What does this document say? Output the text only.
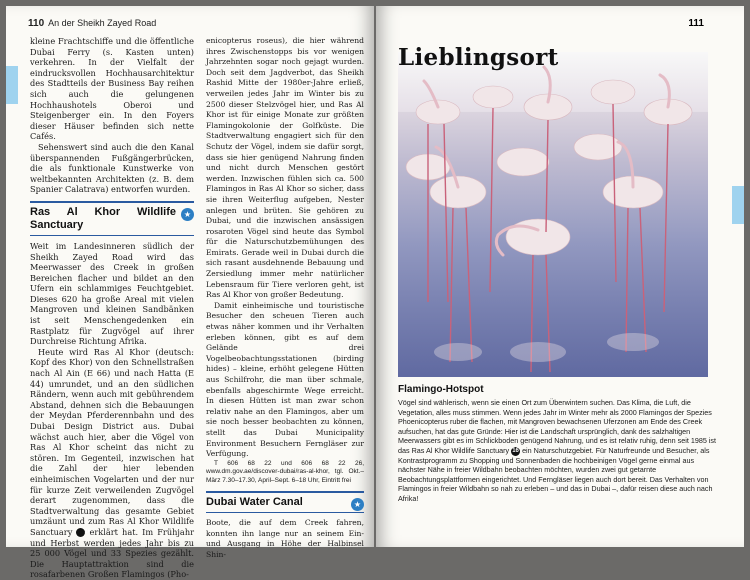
110 An der Sheikh Zayed Road

kleine Frachtschiffe und die öffentliche Dubai Ferry (s. Kasten unten) verkehren. In der Vielfalt der eindrucksvollen Hochhausarchitektur des Stadtteils der Business Bay reihen sich auch die gelungenen Hochhaushotels Oberoi und Steigenberger ein. In den Foyers dieser Häuser befinden sich nette Cafés.

Sehenswert sind auch die den Kanal überspannenden Fußgängerbrücken, die als funktionale Kunstwerke von weltbekannten Architekten (z. B. dem Spanier Calatrava) entworfen wurden.

Ras Al Khor Wildlife Sanctuary
★

Weit im Landesinneren südlich der Sheikh Zayed Road wird das Meerwasser des Creek in großen Bereichen flacher und bildet an den Ufern ein schlammiges Feuchtgebiet. Dieses 620 ha große Areal mit vielen Mangroven und kleinen Sandbänken ist seit Menschengedenken ein Rastplatz für Zugvögel auf ihrer Durchreise Richtung Afrika.

Heute wird Ras Al Khor (deutsch: Kopf des Khor) von den Schnellstraßen nach Al Ain (E 66) und nach Hatta (E 44) umrundet, und an den südlichen Rändern, wenn auch mit gebührendem Abstand, dehnen sich die Bebauungen der Meydan Pferderennbahn und des Dubai Design District aus. Dubai wächst auch hier, aber die Vögel von Ras Al Khor scheint das nicht zu stören. Im Gegenteil, inzwischen hat die Zahl der hier lebenden einheimischen Vogelarten und der nur für kurze Zeit verweilenden Zugvögel derart zugenommen, dass die Stadtverwaltung das gesamte Gebiet umzäunt und zum Ras Al Khor Wildlife Sanctuary 16 erklärt hat. Im Frühjahr und Herbst werden jedes Jahr bis zu 25 000 Vögel und 33 Spezies gezählt. Die Hauptattraktion sind die rosafarbenen Großen Flamingos (Pho-

enicopterus roseus), die hier während ihres Zwischenstopps bis vor wenigen Jahrzehnten sogar noch gejagt wurden. Doch seit dem Jagdverbot, das Sheikh Rashid Mitte der 1980er-Jahre erließ, verweilen jedes Jahr im Winter bis zu 2500 dieser Stelzvögel hier, und Ras Al Khor ist für einige Monate zur größten Flamingokolonie der Golfküste. Die Stadtverwaltung engagiert sich für den Schutz der Vögel, indem sie dafür sorgt, dass sie hier genügend Nahrung finden und nicht durch Menschen gestört werden. Inzwischen fühlen sich ca. 500 Flamingos in Ras Al Khor so sicher, dass sie ihren Weiterflug aufgeben, Nester anlegen und brüten. Sie gehören zu Dubai, und die inzwischen ansässigen rosaroten Vögel sind heute das Symbol für die Naturschutzbemühungen des Emirats. Gerade weil in Dubai durch die sich rasant ausdehnende Bebauung und Zersiedlung immer mehr natürlicher Lebensraum für Tiere verloren geht, ist Ras Al Khor von großer Bedeutung.

Damit einheimische und touristische Besucher den scheuen Tieren auch etwas näher kommen und ihr Verhalten erleben können, gibt es auf dem Gelände drei Vogelbeobachtungsstationen (birding hides) – kleine, erhöht gelegene Hütten aus Schilfrohr, die man über schmale, ebenfalls abgeschirmte Wege erreicht. In diesen Hütten ist man zwar schon relativ nahe an den Flamingos, aber um sie noch besser beobachten zu können, stellt das Dubai Municipality Environment Besuchern Ferngläser zur Verfügung.

T 606 68 22 und 606 68 22 26, www.dm.gov.ae/discover-dubai/ras-al-khor, tgl. Okt.–März 7.30–17.30, April–Sept. 6–18 Uhr, Eintritt frei

Dubai Water Canal	★

Boote, die auf dem Creek fahren, konnten ihn lange nur an seinem Ein- und Ausgang in Höhe der Halbinsel Shin-

111
Lieblingsort
Flamingo-Hotspot
Vögel sind wählerisch, wenn sie einen Ort zum Überwintern suchen. Das Klima, die Luft, die Vegetation, alles muss stimmen. Wenn jedes Jahr im Winter mehr als 2000 Flamingos der Spezies Phoenicopterus ruber die flachen, mit Mangroven bewachsenen Uferzonen am Ende des Creek aufsuchen, hat das gute Gründe: Hier ist die Landschaft ursprünglich, dank des salzhaltigen Meerwassers gibt es im Schlickboden genügend Nahrung, und es ist relativ ruhig, denn seit 1985 ist das Ras Al Khor Wildlife Sanctuary 16 ein Naturschutzgebiet. Für Naturfreunde und Besucher, als Kontrastprogramm zu Shopping und Sonnenbaden die hochbeinigen Vögel gerne einmal aus nächster Nähe in freier Wildbahn beobachten möchten, wurden zwei gut getarnte Beobachtungsplattformen eingerichtet. Und Ferngläser liegen auch dort bereit. Das Verhalten von Flamingos in freier Wildbahn so nah zu erleben – und das in Dubai –, dafür reisen diese auch nach Afrika!
